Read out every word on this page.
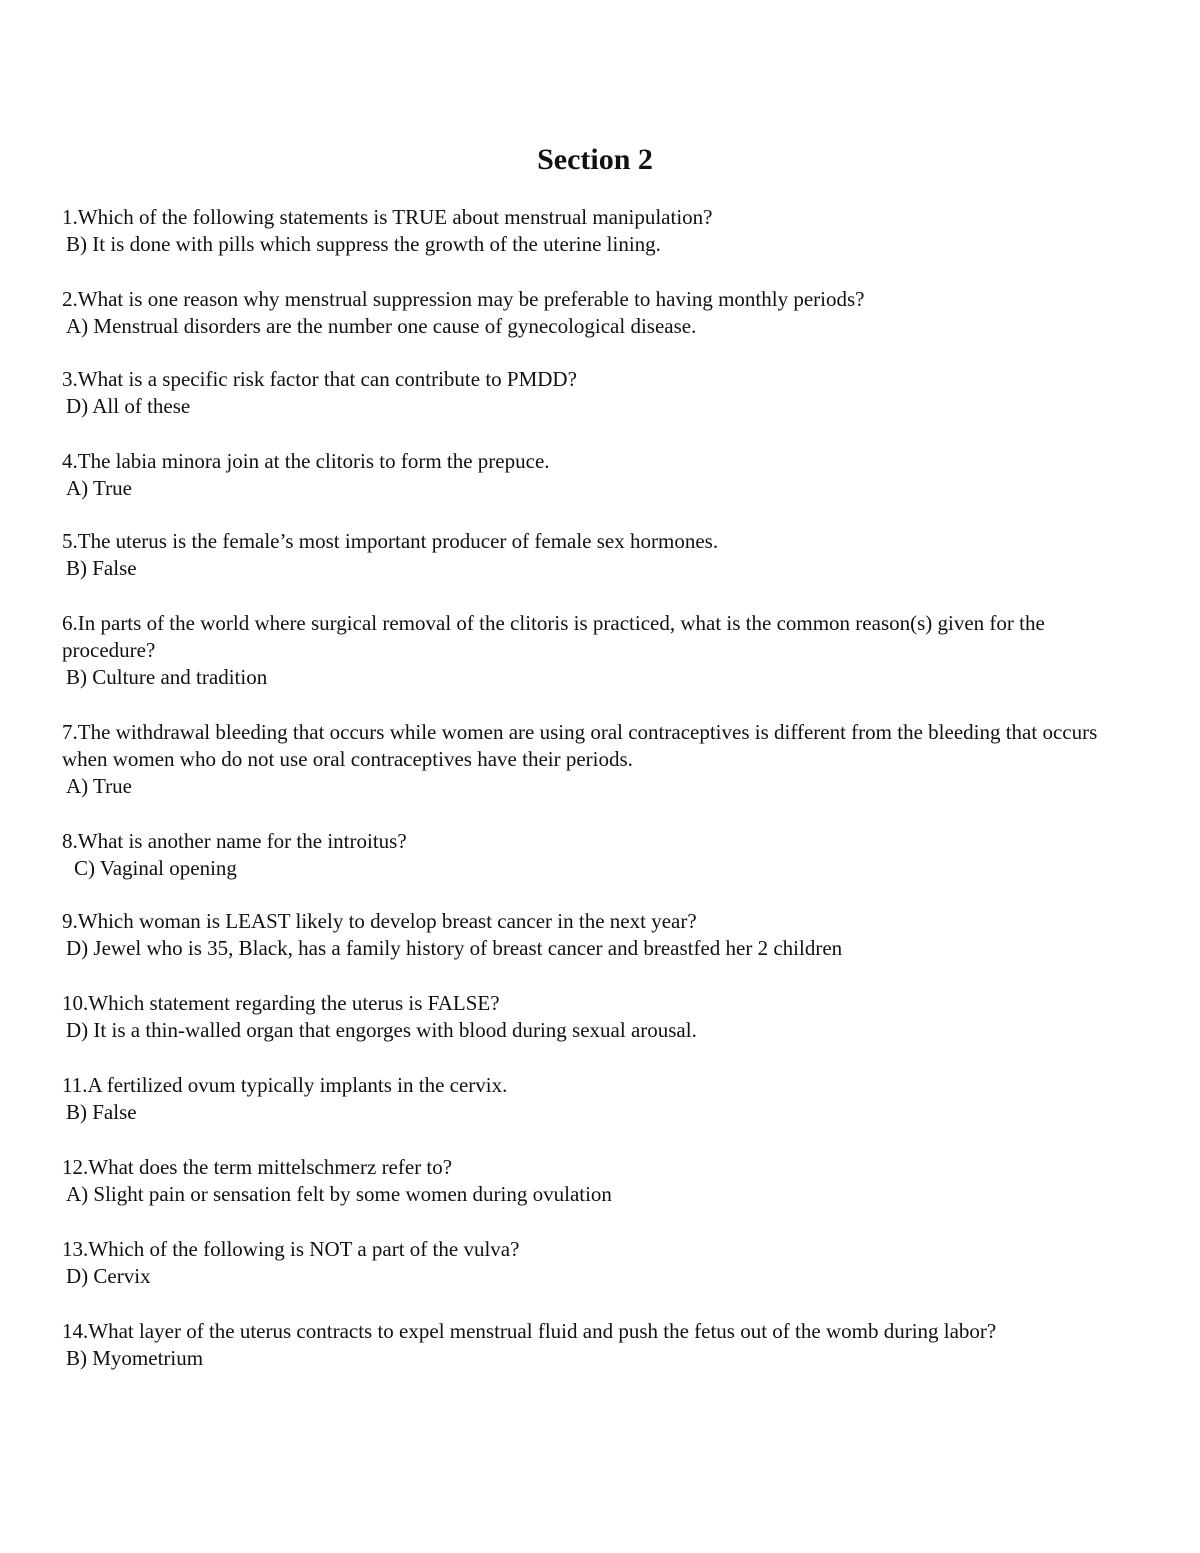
Section 2
1.Which of the following statements is TRUE about menstrual manipulation?
B) It is done with pills which suppress the growth of the uterine lining.
2.What is one reason why menstrual suppression may be preferable to having monthly periods?
A) Menstrual disorders are the number one cause of gynecological disease.
3.What is a specific risk factor that can contribute to PMDD?
D) All of these
4.The labia minora join at the clitoris to form the prepuce.
A) True
5.The uterus is the female’s most important producer of female sex hormones.
B) False
6.In parts of the world where surgical removal of the clitoris is practiced, what is the common reason(s) given for the procedure?
B) Culture and tradition
7.The withdrawal bleeding that occurs while women are using oral contraceptives is different from the bleeding that occurs when women who do not use oral contraceptives have their periods.
A) True
8.What is another name for the introitus?
C) Vaginal opening
9.Which woman is LEAST likely to develop breast cancer in the next year?
D) Jewel who is 35, Black, has a family history of breast cancer and breastfed her 2 children
10.Which statement regarding the uterus is FALSE?
D) It is a thin-walled organ that engorges with blood during sexual arousal.
11.A fertilized ovum typically implants in the cervix.
B) False
12.What does the term mittelschmerz refer to?
A) Slight pain or sensation felt by some women during ovulation
13.Which of the following is NOT a part of the vulva?
D) Cervix
14.What layer of the uterus contracts to expel menstrual fluid and push the fetus out of the womb during labor?
B) Myometrium
